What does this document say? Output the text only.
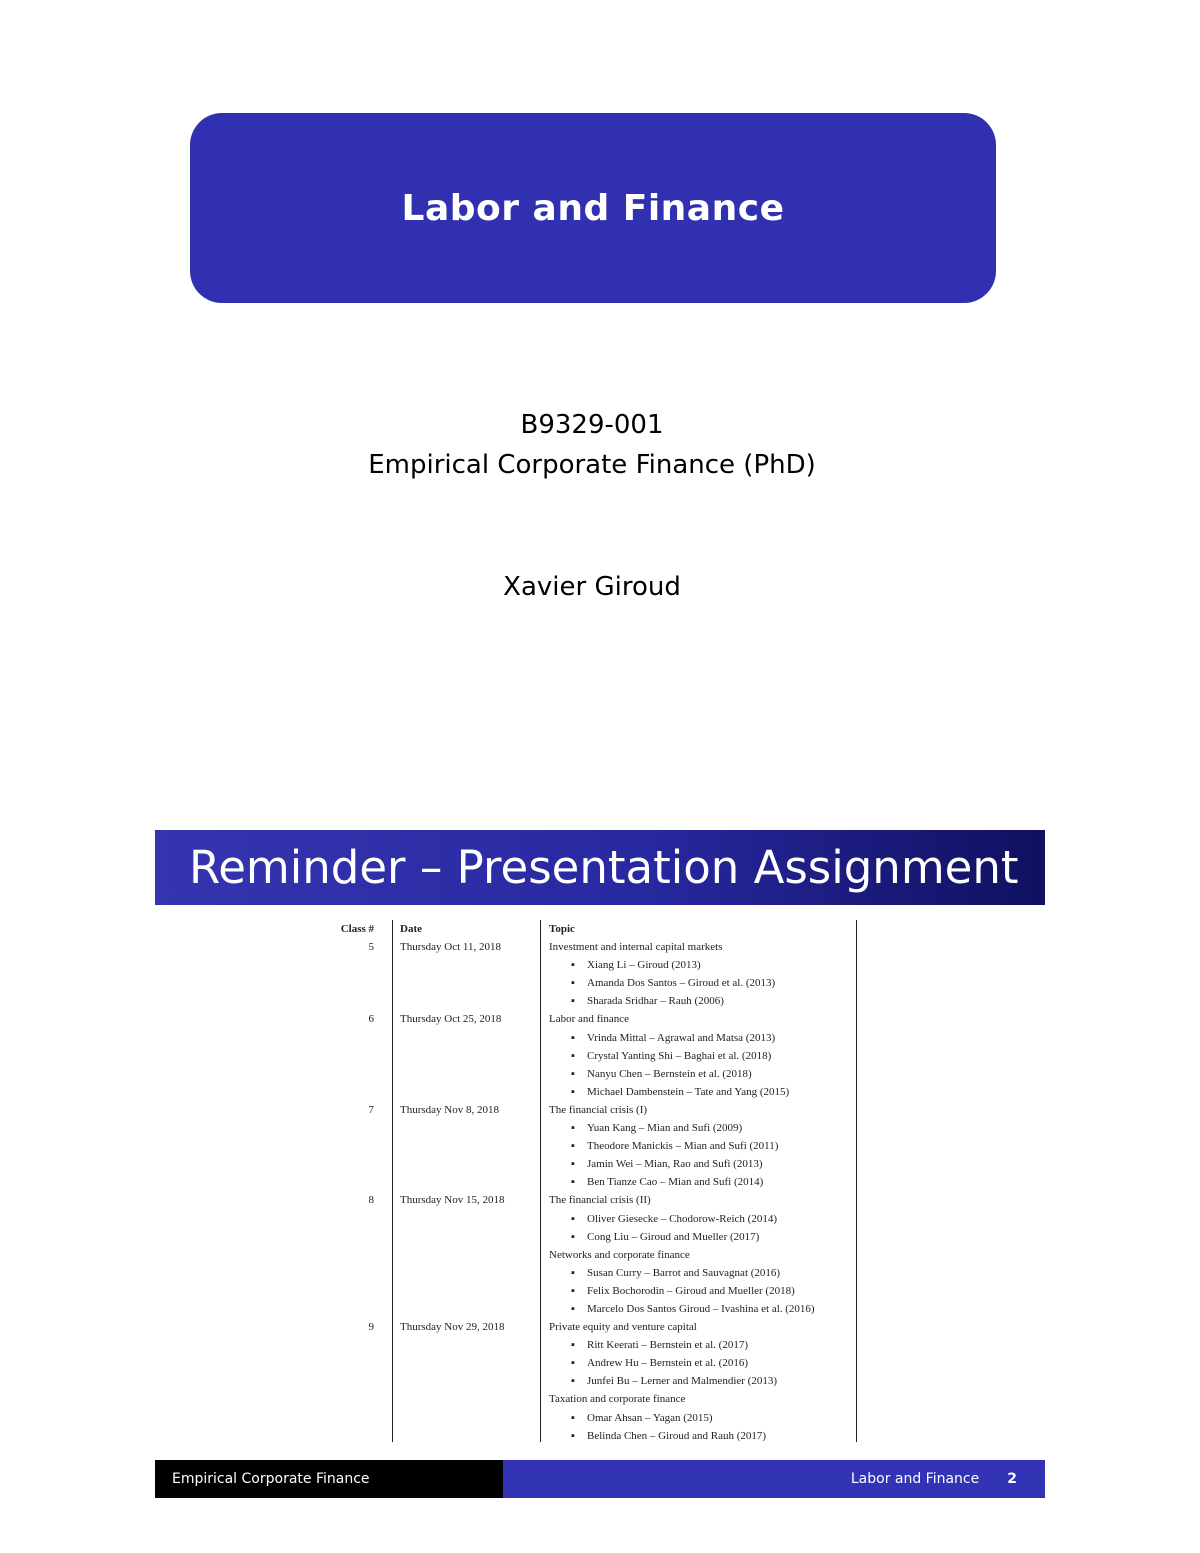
Labor and Finance
B9329-001
Empirical Corporate Finance (PhD)
Xavier Giroud
Reminder – Presentation Assignment
Class #	Date	Topic
5	Thursday Oct 11, 2018	Investment and internal capital markets
▪ Xiang Li – Giroud (2013)
▪ Amanda Dos Santos – Giroud et al. (2013)
▪ Sharada Sridhar – Rauh (2006)
6	Thursday Oct 25, 2018	Labor and finance
▪ Vrinda Mittal – Agrawal and Matsa (2013)
▪ Crystal Yanting Shi – Baghai et al. (2018)
▪ Nanyu Chen – Bernstein et al. (2018)
▪ Michael Dambenstein – Tate and Yang (2015)
7	Thursday Nov 8, 2018	The financial crisis (I)
▪ Yuan Kang – Mian and Sufi (2009)
▪ Theodore Manickis – Mian and Sufi (2011)
▪ Jamin Wei – Mian, Rao and Sufi (2013)
▪ Ben Tianze Cao – Mian and Sufi (2014)
8	Thursday Nov 15, 2018	The financial crisis (II)
▪ Oliver Giesecke – Chodorow-Reich (2014)
▪ Cong Liu – Giroud and Mueller (2017)
Networks and corporate finance
▪ Susan Curry – Barrot and Sauvagnat (2016)
▪ Felix Bochorodin – Giroud and Mueller (2018)
▪ Marcelo Dos Santos Giroud – Ivashina et al. (2016)
9	Thursday Nov 29, 2018	Private equity and venture capital
▪ Ritt Keerati – Bernstein et al. (2017)
▪ Andrew Hu – Bernstein et al. (2016)
▪ Junfei Bu – Lerner and Malmendier (2013)
Taxation and corporate finance
▪ Omar Ahsan – Yagan (2015)
▪ Belinda Chen – Giroud and Rauh (2017)
Empirical Corporate Finance	Labor and Finance 2
